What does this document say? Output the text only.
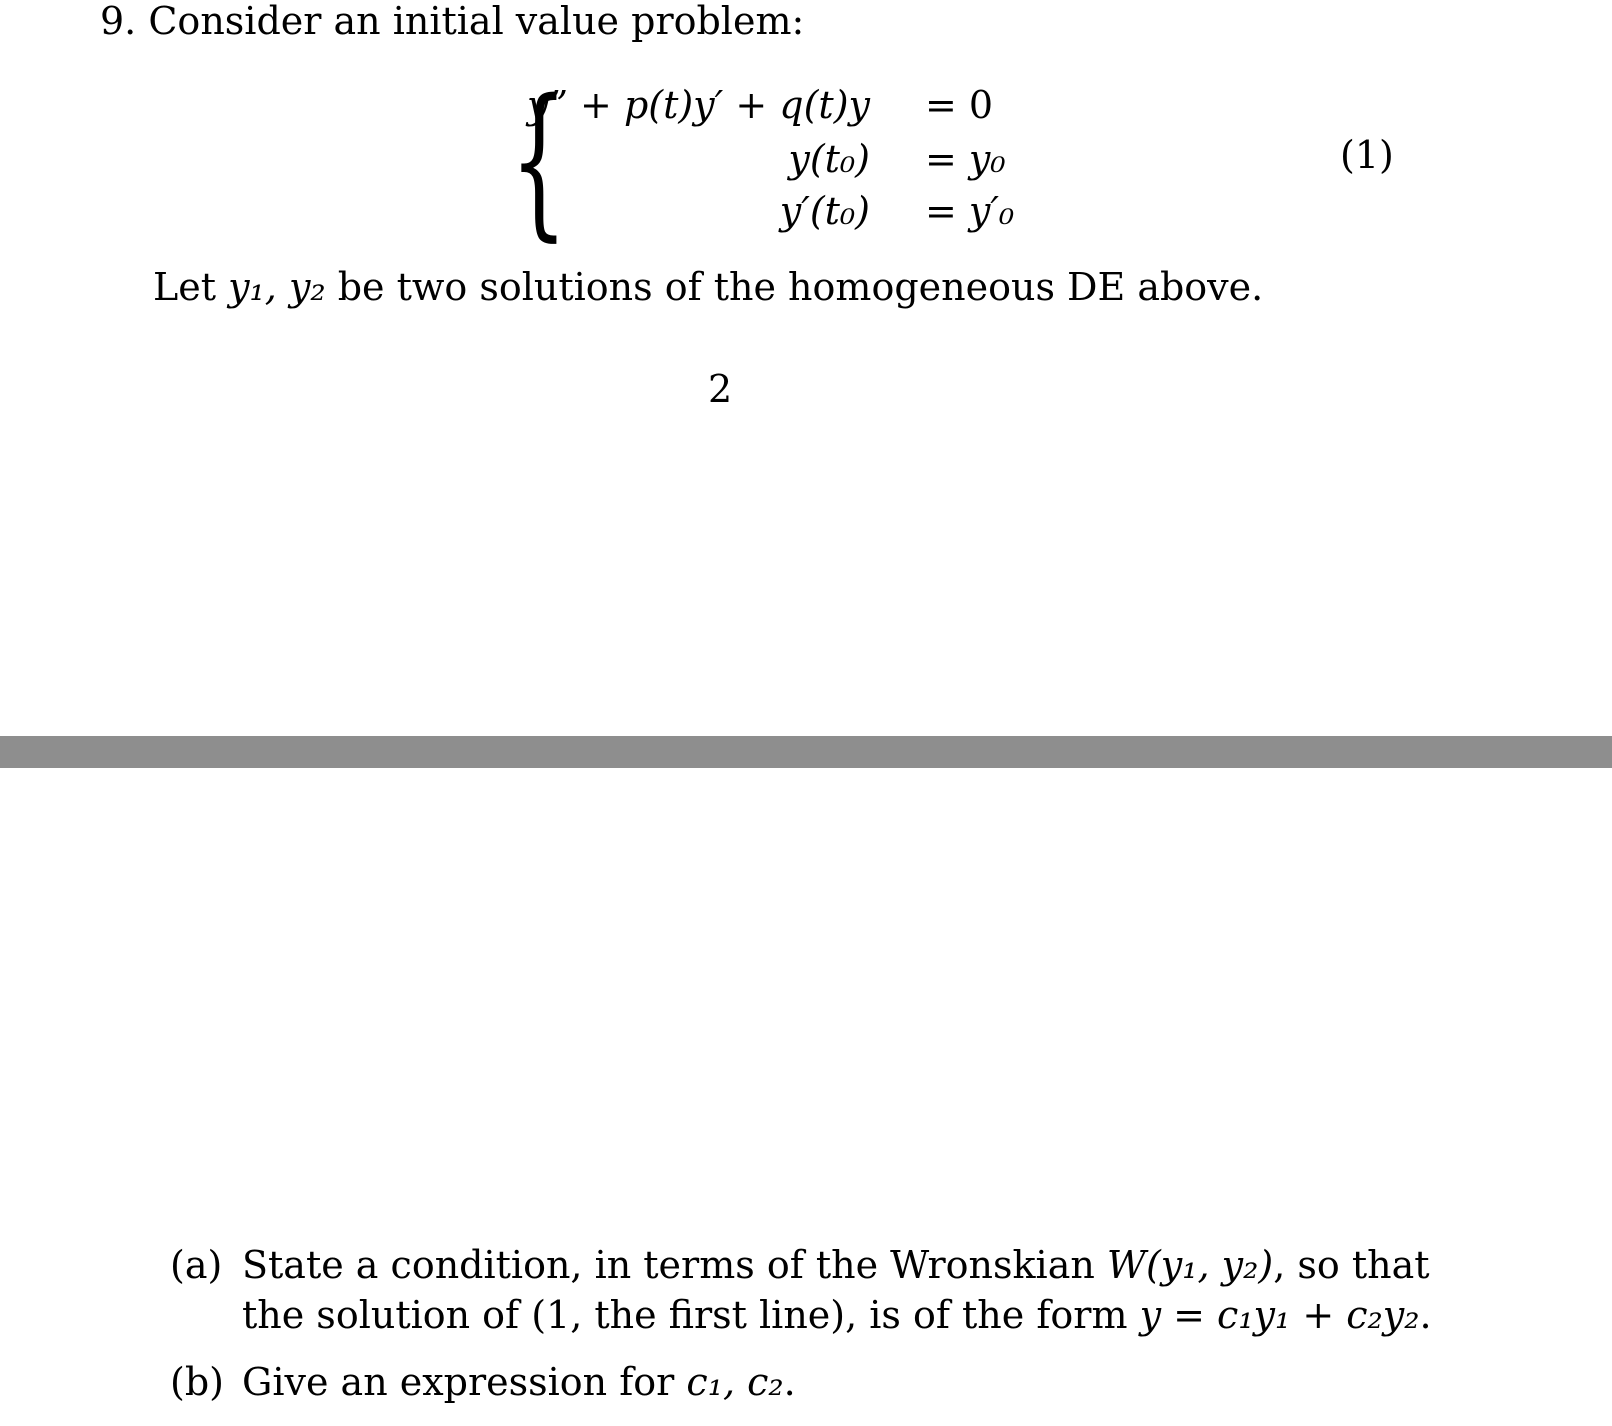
9. Consider an initial value problem:
{
y” + p(t)y′ + q(t)y = 0
y(t₀) = y₀
y′(t₀) = y′₀
(1)
Let y₁, y₂ be two solutions of the homogeneous DE above.
2
(a) State a condition, in terms of the Wronskian W(y₁, y₂), so that
the solution of (1, the first line), is of the form y = c₁y₁ + c₂y₂.
(b) Give an expression for c₁, c₂.
